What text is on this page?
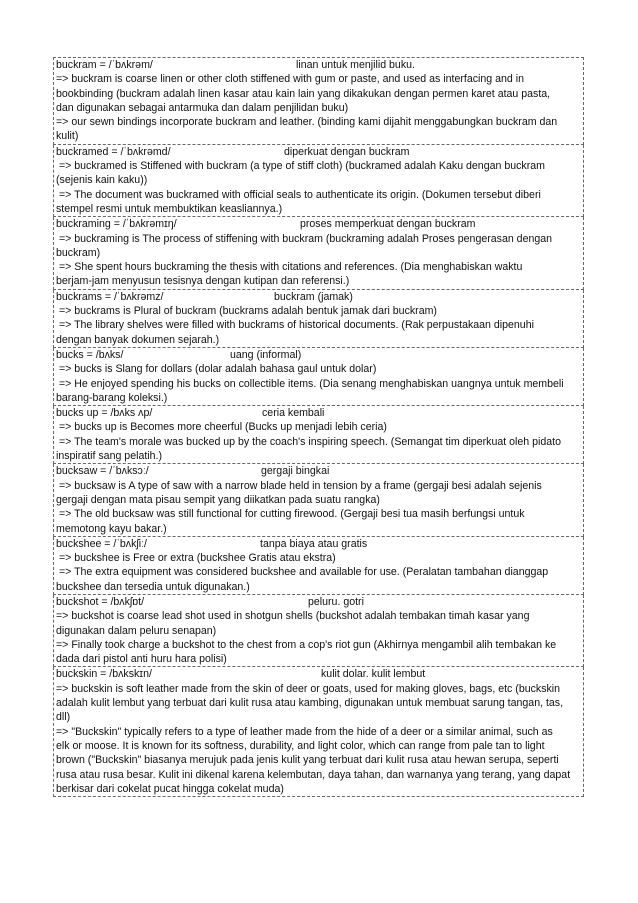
buckram = /ˈbʌkrəm/	linan untuk menjilid buku.
=> buckram is coarse linen or other cloth stiffened with gum or paste, and used as interfacing and in
bookbinding (buckram adalah linen kasar atau kain lain yang dikakukan dengan permen karet atau pasta,
dan digunakan sebagai antarmuka dan dalam penjilidan buku)
=> our sewn bindings incorporate buckram and leather. (binding kami dijahit menggabungkan buckram dan
kulit)
buckramed = /ˈbʌkrəmd/	diperkuat dengan buckram
=> buckramed is Stiffened with buckram (a type of stiff cloth) (buckramed adalah Kaku dengan buckram
(sejenis kain kaku))
=> The document was buckramed with official seals to authenticate its origin. (Dokumen tersebut diberi
stempel resmi untuk membuktikan keasliannya.)
buckraming = /ˈbʌkrəmɪŋ/	proses memperkuat dengan buckram
=> buckraming is The process of stiffening with buckram (buckraming adalah Proses pengerasan dengan
buckram)
=> She spent hours buckraming the thesis with citations and references. (Dia menghabiskan waktu
berjam-jam menyusun tesisnya dengan kutipan dan referensi.)
buckrams = /ˈbʌkrəmz/	buckram (jamak)
=> buckrams is Plural of buckram (buckrams adalah bentuk jamak dari buckram)
=> The library shelves were filled with buckrams of historical documents. (Rak perpustakaan dipenuhi
dengan banyak dokumen sejarah.)
bucks = /bʌks/	uang (informal)
=> bucks is Slang for dollars (dolar adalah bahasa gaul untuk dolar)
=> He enjoyed spending his bucks on collectible items. (Dia senang menghabiskan uangnya untuk membeli
barang-barang koleksi.)
bucks up = /bʌks ʌp/	ceria kembali
=> bucks up is Becomes more cheerful (Bucks up menjadi lebih ceria)
=> The team's morale was bucked up by the coach's inspiring speech. (Semangat tim diperkuat oleh pidato
inspiratif sang pelatih.)
bucksaw = /ˈbʌksɔː/	gergaji bingkai
=> bucksaw is A type of saw with a narrow blade held in tension by a frame (gergaji besi adalah sejenis
gergaji dengan mata pisau sempit yang diikatkan pada suatu rangka)
=> The old bucksaw was still functional for cutting firewood. (Gergaji besi tua masih berfungsi untuk
memotong kayu bakar.)
buckshee = /ˈbʌkʃiː/	tanpa biaya atau gratis
=> buckshee is Free or extra (buckshee Gratis atau ekstra)
=> The extra equipment was considered buckshee and available for use. (Peralatan tambahan dianggap
buckshee dan tersedia untuk digunakan.)
buckshot = /bʌkʃɒt/	peluru. gotri
=> buckshot is coarse lead shot used in shotgun shells (buckshot adalah tembakan timah kasar yang
digunakan dalam peluru senapan)
=> Finally took charge a buckshot to the chest from a cop's riot gun (Akhirnya mengambil alih tembakan ke
dada dari pistol anti huru hara polisi)
buckskin = /bʌkskɪn/	kulit dolar. kulit lembut
=> buckskin is soft leather made from the skin of deer or goats, used for making gloves, bags, etc (buckskin
adalah kulit lembut yang terbuat dari kulit rusa atau kambing, digunakan untuk membuat sarung tangan, tas,
dll)
=> "Buckskin" typically refers to a type of leather made from the hide of a deer or a similar animal, such as
elk or moose. It is known for its softness, durability, and light color, which can range from pale tan to light
brown ("Buckskin" biasanya merujuk pada jenis kulit yang terbuat dari kulit rusa atau hewan serupa, seperti
rusa atau rusa besar. Kulit ini dikenal karena kelembutan, daya tahan, dan warnanya yang terang, yang dapat
berkisar dari cokelat pucat hingga cokelat muda)
